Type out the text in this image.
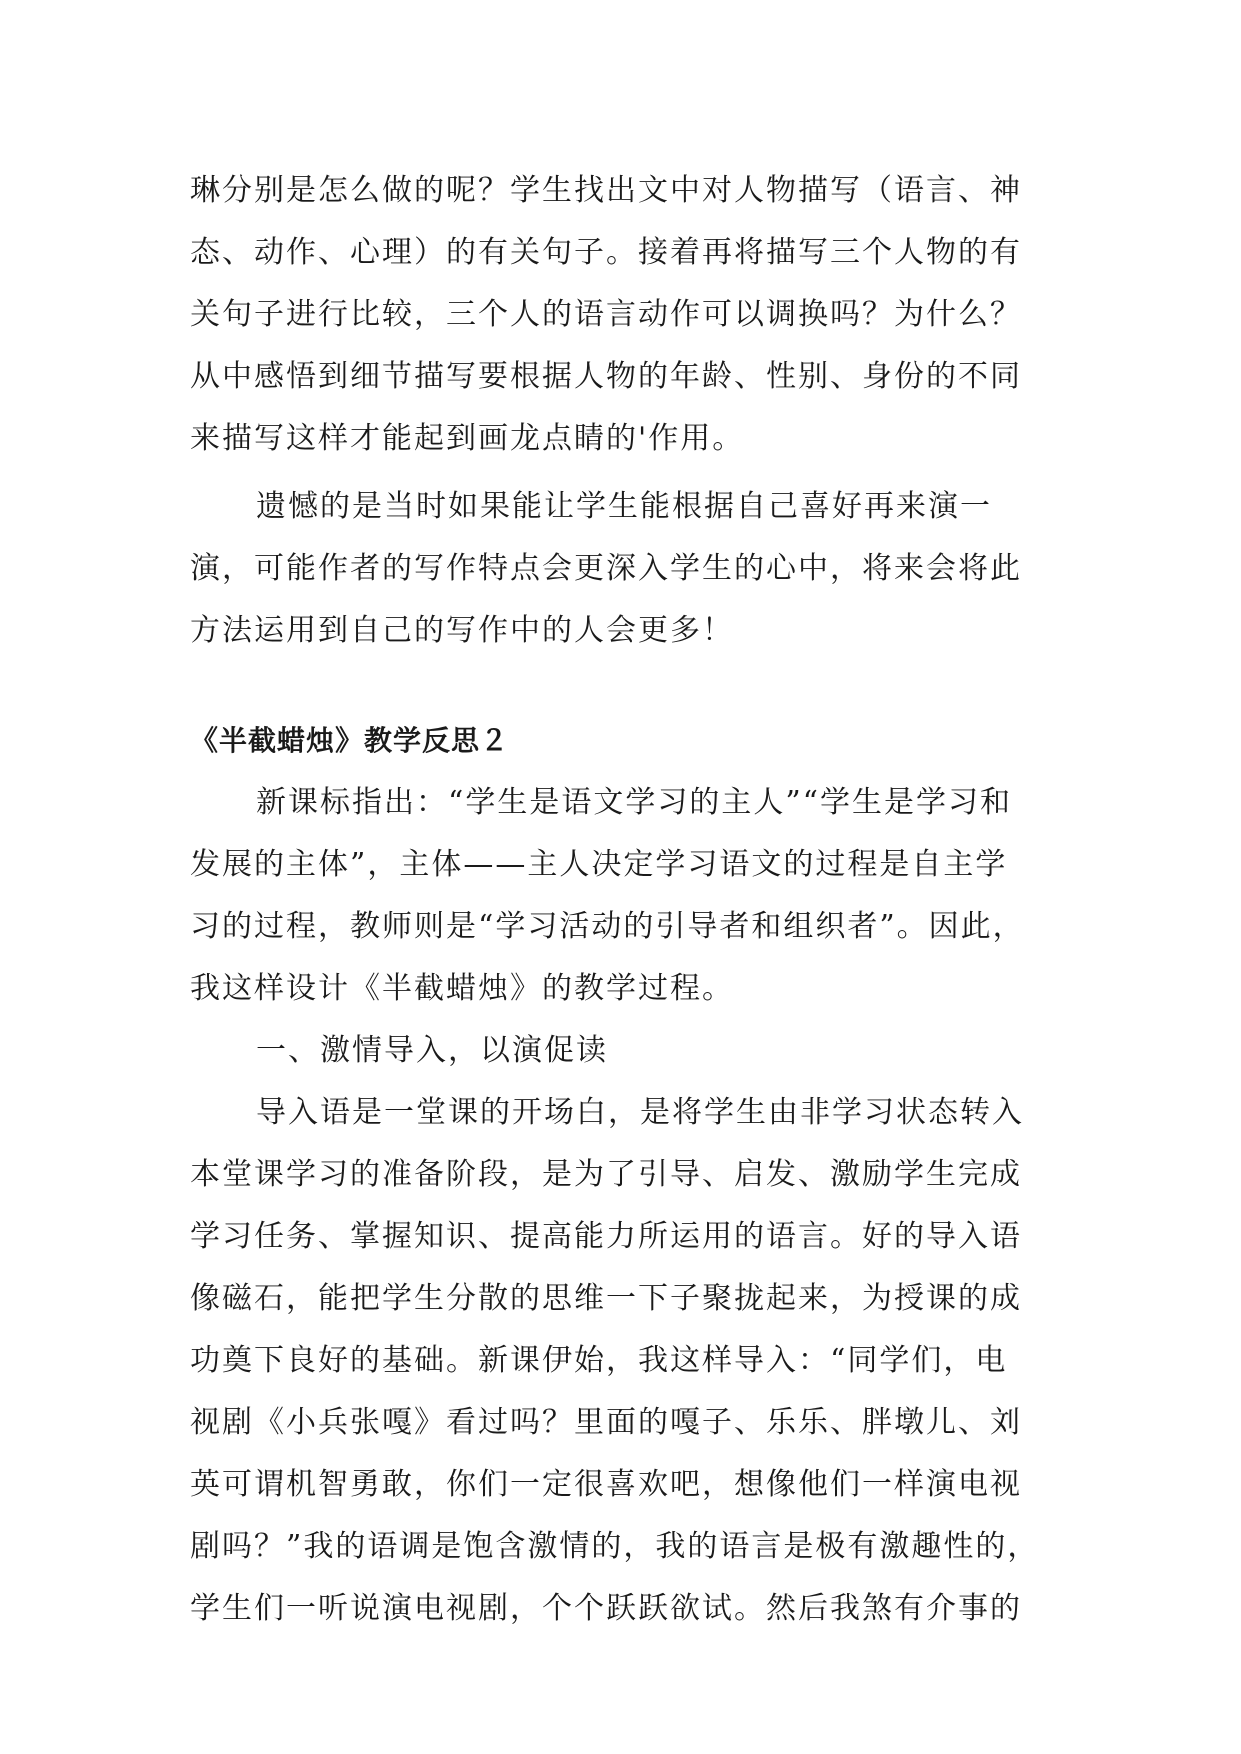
琳分别是怎么做的呢？学生找出文中对人物描写（语言、神
态、动作、心理）的有关句子。接着再将描写三个人物的有
关句子进行比较，三个人的语言动作可以调换吗？为什么？
从中感悟到细节描写要根据人物的年龄、性别、身份的不同
来描写这样才能起到画龙点睛的'作用。
遗憾的是当时如果能让学生能根据自己喜好再来演一
演，可能作者的写作特点会更深入学生的心中，将来会将此
方法运用到自己的写作中的人会更多！
《半截蜡烛》教学反思２
新课标指出：“学生是语文学习的主人”“学生是学习和
发展的主体”，主体——主人决定学习语文的过程是自主学
习的过程，教师则是“学习活动的引导者和组织者”。因此，
我这样设计《半截蜡烛》的教学过程。
一、激情导入，以演促读
导入语是一堂课的开场白，是将学生由非学习状态转入
本堂课学习的准备阶段，是为了引导、启发、激励学生完成
学习任务、掌握知识、提高能力所运用的语言。好的导入语
像磁石，能把学生分散的思维一下子聚拢起来，为授课的成
功奠下良好的基础。新课伊始，我这样导入：“同学们，电
视剧《小兵张嘎》看过吗？里面的嘎子、乐乐、胖墩儿、刘
英可谓机智勇敢，你们一定很喜欢吧，想像他们一样演电视
剧吗？”我的语调是饱含激情的，我的语言是极有激趣性的，
学生们一听说演电视剧，个个跃跃欲试。然后我煞有介事的
